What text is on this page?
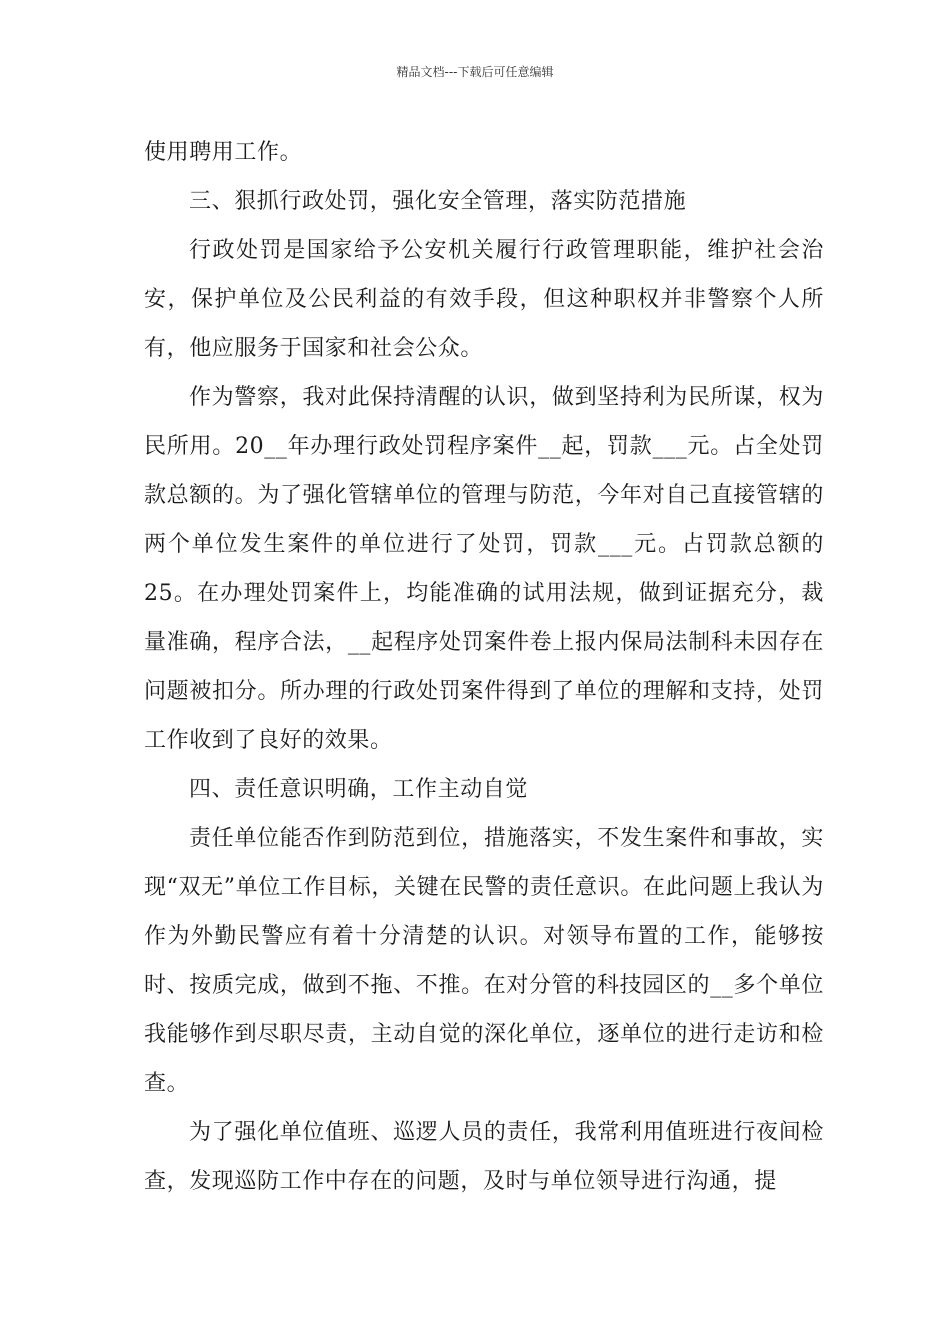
精品文档---下载后可任意编辑

使用聘用工作。

三、狠抓行政处罚，强化安全管理，落实防范措施

行政处罚是国家给予公安机关履行行政管理职能，维护社会治安，保护单位及公民利益的有效手段，但这种职权并非警察个人所有，他应服务于国家和社会公众。

作为警察，我对此保持清醒的认识，做到坚持利为民所谋，权为民所用。20__年办理行政处罚程序案件__起，罚款___元。占全处罚款总额的。为了强化管辖单位的管理与防范，今年对自己直接管辖的两个单位发生案件的单位进行了处罚，罚款___元。占罚款总额的25。在办理处罚案件上，均能准确的试用法规，做到证据充分，裁量准确，程序合法，__起程序处罚案件卷上报内保局法制科未因存在问题被扣分。所办理的行政处罚案件得到了单位的理解和支持，处罚工作收到了良好的效果。

四、责任意识明确，工作主动自觉

责任单位能否作到防范到位，措施落实，不发生案件和事故，实现“双无”单位工作目标，关键在民警的责任意识。在此问题上我认为作为外勤民警应有着十分清楚的认识。对领导布置的工作，能够按时、按质完成，做到不拖、不推。在对分管的科技园区的__多个单位我能够作到尽职尽责，主动自觉的深化单位，逐单位的进行走访和检查。

为了强化单位值班、巡逻人员的责任，我常利用值班进行夜间检查，发现巡防工作中存在的问题，及时与单位领导进行沟通，提
